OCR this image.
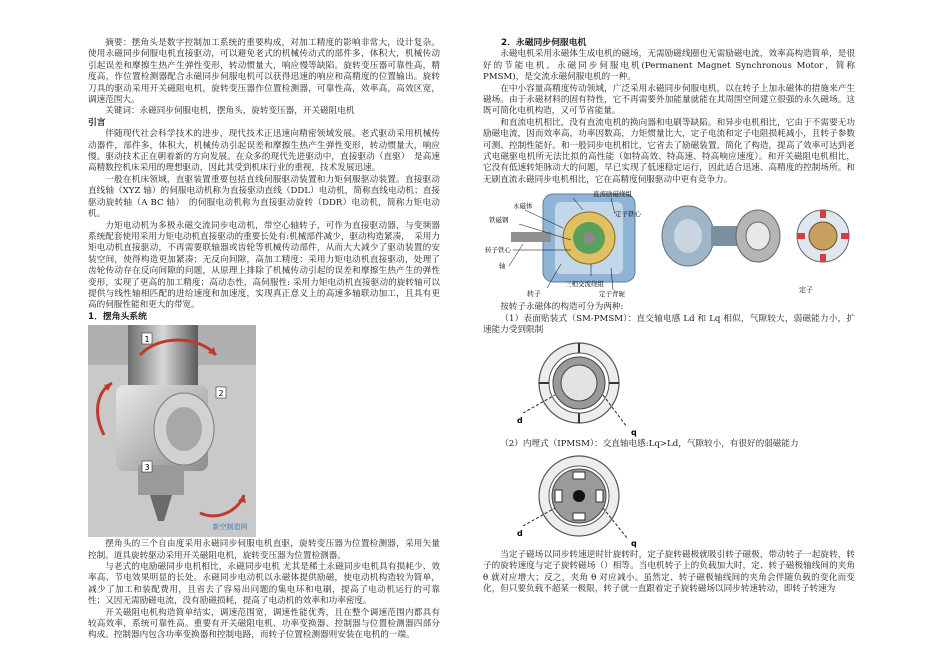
摘要：摆角头是数字控制加工系统的重要构成，对加工精度的影响非常大，设计复杂。使用永磁同步伺服电机直接驱动，可以避免老式的机械传动式的部件多，体积大，机械传动引起误差和摩擦生热产生弹性变形，转动惯量大，响应慢等缺陷。旋转变压器可靠性高，精度高，作位置检测器配合永磁同步伺服电机可以获得迅速的响应和高精度的位置输出。旋转刀具的驱动采用开关磁阻电机，旋转变压器作位置检测器，可靠性高，效率高，高效区宽，调速范围大。

关键词：永磁同步伺服电机，摆角头，旋转变压器，开关磁阻电机

引言

伴随现代社会科学技术的进步，现代技术正迅速向精密领域发展。老式驱动采用机械传动器件，部件多，体积大，机械传动引起误差和摩擦生热产生弹性变形，转动惯量大，响应慢。驱动技术正在朝着新的方向发展。在众多的现代先进驱动中，直接驱动（直驱）　是高速高精数控机床采用的理想驱动，因此其受到机床行业的重视，技术发展迅速。

一般在机床领域，直驱装置重要包括直线伺服驱动装置和力矩伺服驱动装置。直接驱动直线轴（XYZ 轴）的伺服电动机称为直接驱动直线（DDL）电动机，简称直线电动机；直接驱动旋转轴（A BC 轴）　的伺服电动机称为直接驱动旋转（DDR）电动机，简称力矩电动机。

力矩电动机为多极永磁交流同步电动机，带空心轴转子，可作为直接驱动器，与变频器系统配套使用采用力矩电动机直接驱动的重要长处有:机械部件减少，驱动构造紧凑，　采用力矩电动机直接驱动，不再需要联轴器或齿轮等机械传动部件，从而大大减少了驱动装置的安装空间，使得构造更加紧凑；无反向间隙，高加工精度：采用力矩电动机直接驱动，处理了齿轮传动存在反向间隙的问题，从原理上排除了机械传动引起的误差和摩擦生热产生的弹性变形，实现了更高的加工精度；高动态性，高伺服性: 采用力矩电动机直接驱动的旋转轴可以提供与线性轴相匹配的进给速度和加速度，实现真正意义上的高速多轴联动加工，且具有更高的伺服性能和更大的带宽。

1．摆角头系统

1
2
3
新空制造网

摆角头的三个自由度采用永磁同步伺服电机直驱，旋转变压器为位置检测器，采用矢量控制。道具旋转驱动采用开关磁阻电机，旋转变压器为位置检测器。

与老式的电励磁同步电机相比，永磁同步电机 尤其是稀土永磁同步电机具有损耗少、效率高、节电效果明显的长处。永磁同步电动机以永磁体提供励磁，使电动机构造较为简单，减少了加工和装配费用，且省去了容易出问题的集电环和电刷，提高了电动机运行的可靠性；又因无需励磁电流，没有励磁损耗，提高了电动机的效率和功率密度。

开关磁阻电机构造简单结实，调速范围宽，调速性能优秀，且在整个调速范围内都具有较高效率，系统可靠性高。重要有开关磁阻电机、功率变换器、控制器与位置检测器四部分构成。控制器内包含功率变换器和控制电路，而转子位置检测器则安装在电机的一端。

2．永磁同步伺服电机

永磁电机采用永磁体生成电机的磁场，无需励磁线圈也无需励磁电流，效率高构造简单，是很好的节能电机。永磁同步伺服电机(Permanent Magnet Synchronous Motor，简称 PMSM)，是交流永磁伺服电机的一种。

在中小容量高精度传动领域，广泛采用永磁同步伺服电机，以在转子上加永磁体的措施来产生磁场。由于永磁材料的固有特性，它不再需要外加能量就能在其周围空间建立很强的永久磁场。这既可简化电机构造，又可节省能量。

和直流电机相比，没有直流电机的换向器和电刷等缺陷。和异步电机相比，它由于不需要无功励磁电流，因而效率高，功率因数高，力矩惯量比大，定子电流和定子电阻损耗减小，且转子参数可测、控制性能好。和一般同步电机相比，它省去了励磁装置，简化了构造，提高了效率可达到老式电磁驱电机所无法比拟的高性能（如特高效、特高速、特高响应速度）。和开关磁阻电机相比，它没有低速转矩脉动大的问题，早已实现了低速稳定运行，因此适合迅速、高精度的控制场所。和无刷直流永磁同步电机相比，它在高精度伺服驱动中更有竞争力。

直流励磁绕组
永磁体
铁磁钢
定子铁心
转子铁心
轴
三相交流绕组
定子背轭
转子	定子

按转子永磁体的构造可分为两种:

（1）表面贴装式（SM-PMSM）：直交轴电感 Ld 和 Lq 相似，气隙较大，弱磁能力小，扩速能力受到限制

d
q

（2）内埋式（IPMSM）：交直轴电感:Lq>Ld，气隙较小，有很好的弱磁能力

d
q

当定子磁场以同步转速逆时针旋转时，定子旋转磁极就吸引转子磁极，带动转子一起旋转，转子的旋转速度与定子旋转磁场（）相等。当电机转子上的负载加大时，定、转子磁极轴线间的夹角 θ 就对应增大；反之，夹角 θ 对应减小。虽然定、转子磁极轴线间的夹角会伴随负载的变化而变化，但只要负载不超某一极限，转子就一直跟着定子旋转磁场以同步转速转动，即转子转速为
